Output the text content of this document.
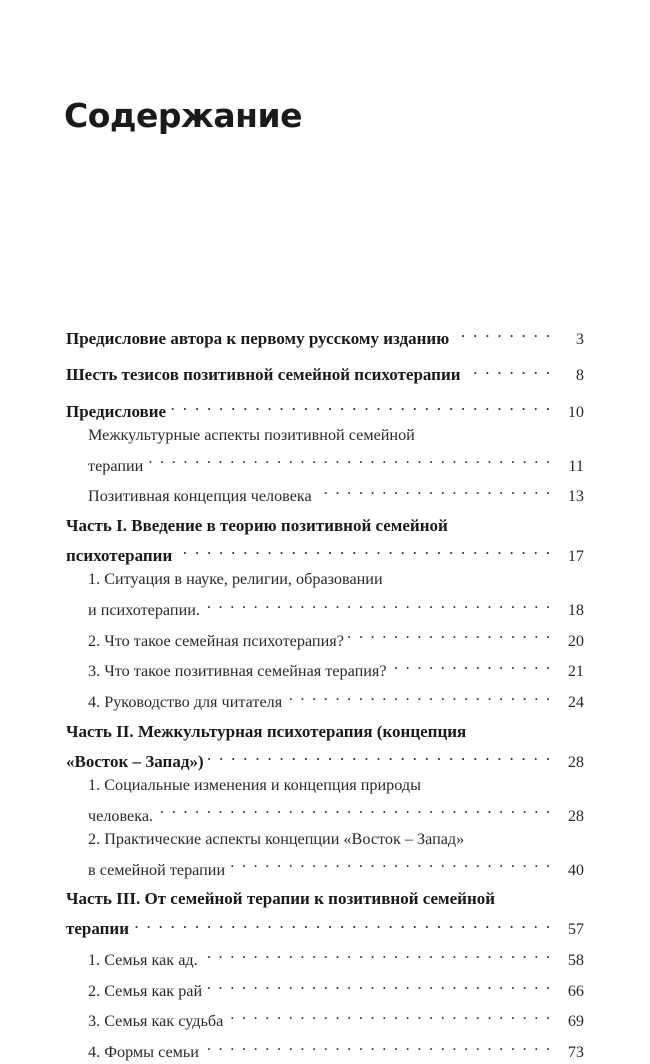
Содержание
Предисловие автора к первому русскому изданию . . .	3
Шесть тезисов позитивной семейной психотерапии . . .	8
Предисловие . . .	10
Межкультурные аспекты позитивной семейной
терапии . . .	11
Позитивная концепция человека . . .	13
Часть I. Введение в теорию позитивной семейной
психотерапии . . .	17
1. Ситуация в науке, религии, образовании
и психотерапии. . . .	18
2. Что такое семейная психотерапия? . . .	20
3. Что такое позитивная семейная терапия? . . .	21
4. Руководство для читателя . . .	24
Часть II. Межкультурная психотерапия (концепция
«Восток – Запад») . . .	28
1. Социальные изменения и концепция природы
человека. . . .	28
2. Практические аспекты концепции «Восток – Запад»
в семейной терапии . . .	40
Часть III. От семейной терапии к позитивной семейной
терапии . . .	57
1. Семья как ад. . . .	58
2. Семья как рай . . .	66
3. Семья как судьба . . .	69
4. Формы семьи . . .	73
